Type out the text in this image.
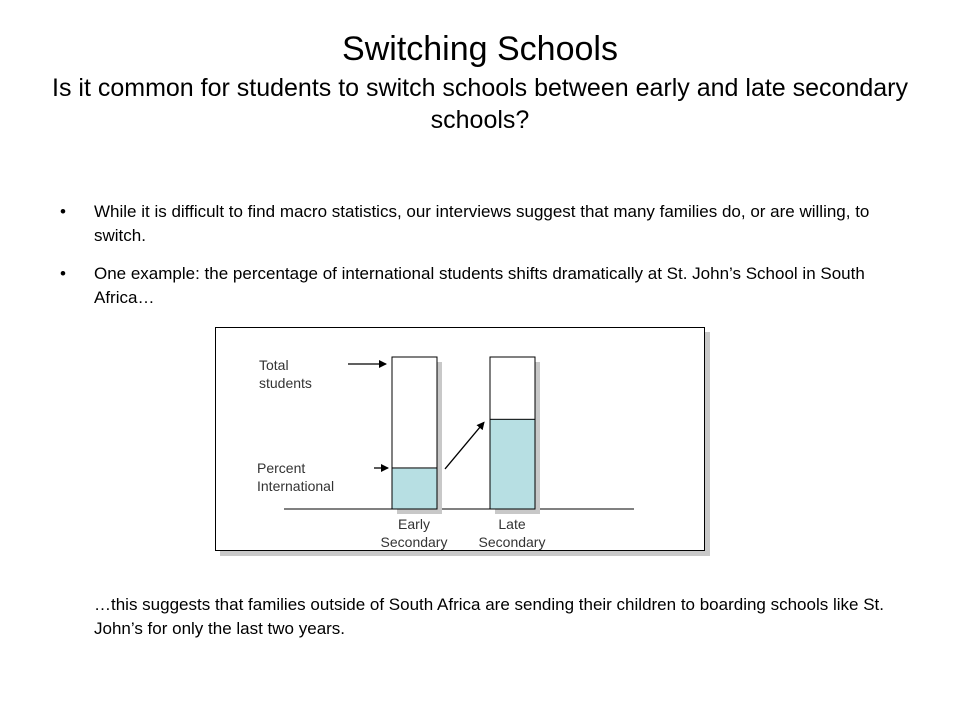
Switching Schools
Is it common for students to switch schools between early and late secondary schools?
• While it is difficult to find macro statistics, our interviews suggest that many families do, or are willing, to switch.
• One example: the percentage of international students shifts dramatically at St. John’s School in South Africa…
Total
students
Percent
International
Early
Secondary
Late
Secondary
…this suggests that families outside of South Africa are sending their children to boarding schools like St. John’s for only the last two years.
